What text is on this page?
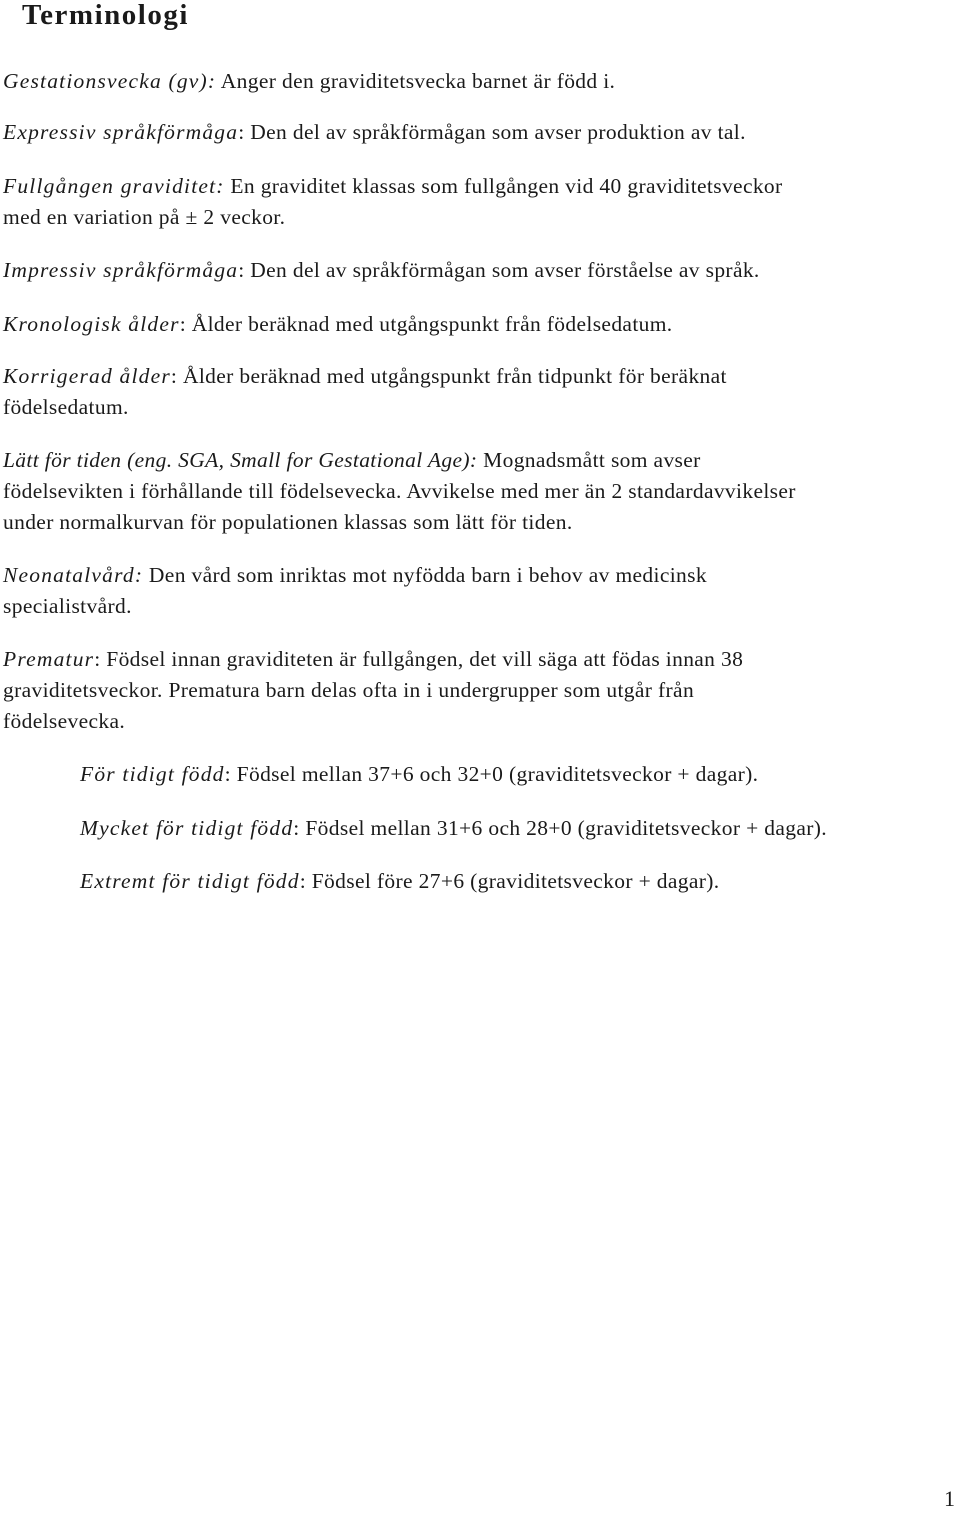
Terminologi

Gestationsvecka (gv): Anger den graviditetsvecka barnet är född i.

Expressiv språkförmåga: Den del av språkförmågan som avser produktion av tal.

Fullgången graviditet: En graviditet klassas som fullgången vid 40 graviditetsveckor

med en variation på ± 2 veckor.

Impressiv språkförmåga: Den del av språkförmågan som avser förståelse av språk.

Kronologisk ålder: Ålder beräknad med utgångspunkt från födelsedatum.

Korrigerad ålder: Ålder beräknad med utgångspunkt från tidpunkt för beräknat

födelsedatum.

Lätt för tiden (eng. SGA, Small for Gestational Age): Mognadsmått som avser

födelsevikten i förhållande till födelsevecka. Avvikelse med mer än 2 standardavvikelser

under normalkurvan för populationen klassas som lätt för tiden.

Neonatalvård: Den vård som inriktas mot nyfödda barn i behov av medicinsk

specialistvård.

Prematur: Födsel innan graviditeten är fullgången, det vill säga att födas innan 38

graviditetsveckor. Prematura barn delas ofta in i undergrupper som utgår från

födelsevecka.

För tidigt född: Födsel mellan 37+6 och 32+0 (graviditetsveckor + dagar).

Mycket för tidigt född: Födsel mellan 31+6 och 28+0 (graviditetsveckor + dagar).

Extremt för tidigt född: Födsel före 27+6 (graviditetsveckor + dagar).

1
